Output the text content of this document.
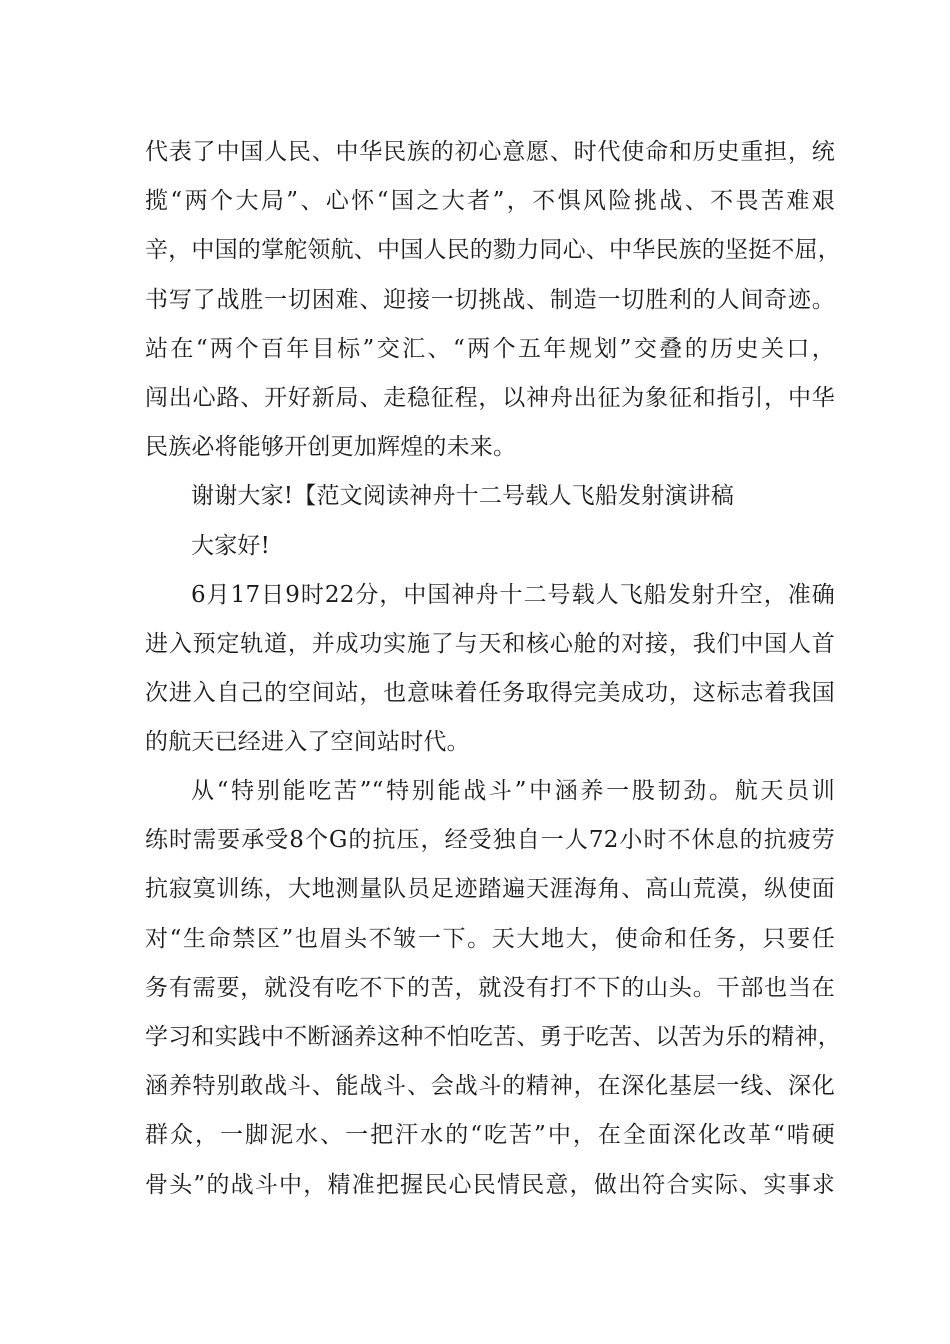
代表了中国人民、中华民族的初心意愿、时代使命和历史重担，统
揽“两个大局”、心怀“国之大者”，不惧风险挑战、不畏苦难艰
辛，中国的掌舵领航、中国人民的勠力同心、中华民族的坚挺不屈，
书写了战胜一切困难、迎接一切挑战、制造一切胜利的人间奇迹。
站在“两个百年目标”交汇、“两个五年规划”交叠的历史关口，
闯出心路、开好新局、走稳征程，以神舟出征为象征和指引，中华
民族必将能够开创更加辉煌的未来。
谢谢大家!【范文阅读神舟十二号载人飞船发射演讲稿
大家好!
6月17日9时22分，中国神舟十二号载人飞船发射升空，准确
进入预定轨道，并成功实施了与天和核心舱的对接，我们中国人首
次进入自己的空间站，也意味着任务取得完美成功，这标志着我国
的航天已经进入了空间站时代。
从“特别能吃苦”“特别能战斗”中涵养一股韧劲。航天员训
练时需要承受8个G的抗压，经受独自一人72小时不休息的抗疲劳
抗寂寞训练，大地测量队员足迹踏遍天涯海角、高山荒漠，纵使面
对“生命禁区”也眉头不皱一下。天大地大，使命和任务，只要任
务有需要，就没有吃不下的苦，就没有打不下的山头。干部也当在
学习和实践中不断涵养这种不怕吃苦、勇于吃苦、以苦为乐的精神，
涵养特别敢战斗、能战斗、会战斗的精神，在深化基层一线、深化
群众，一脚泥水、一把汗水的“吃苦”中，在全面深化改革“啃硬
骨头”的战斗中，精准把握民心民情民意，做出符合实际、实事求
